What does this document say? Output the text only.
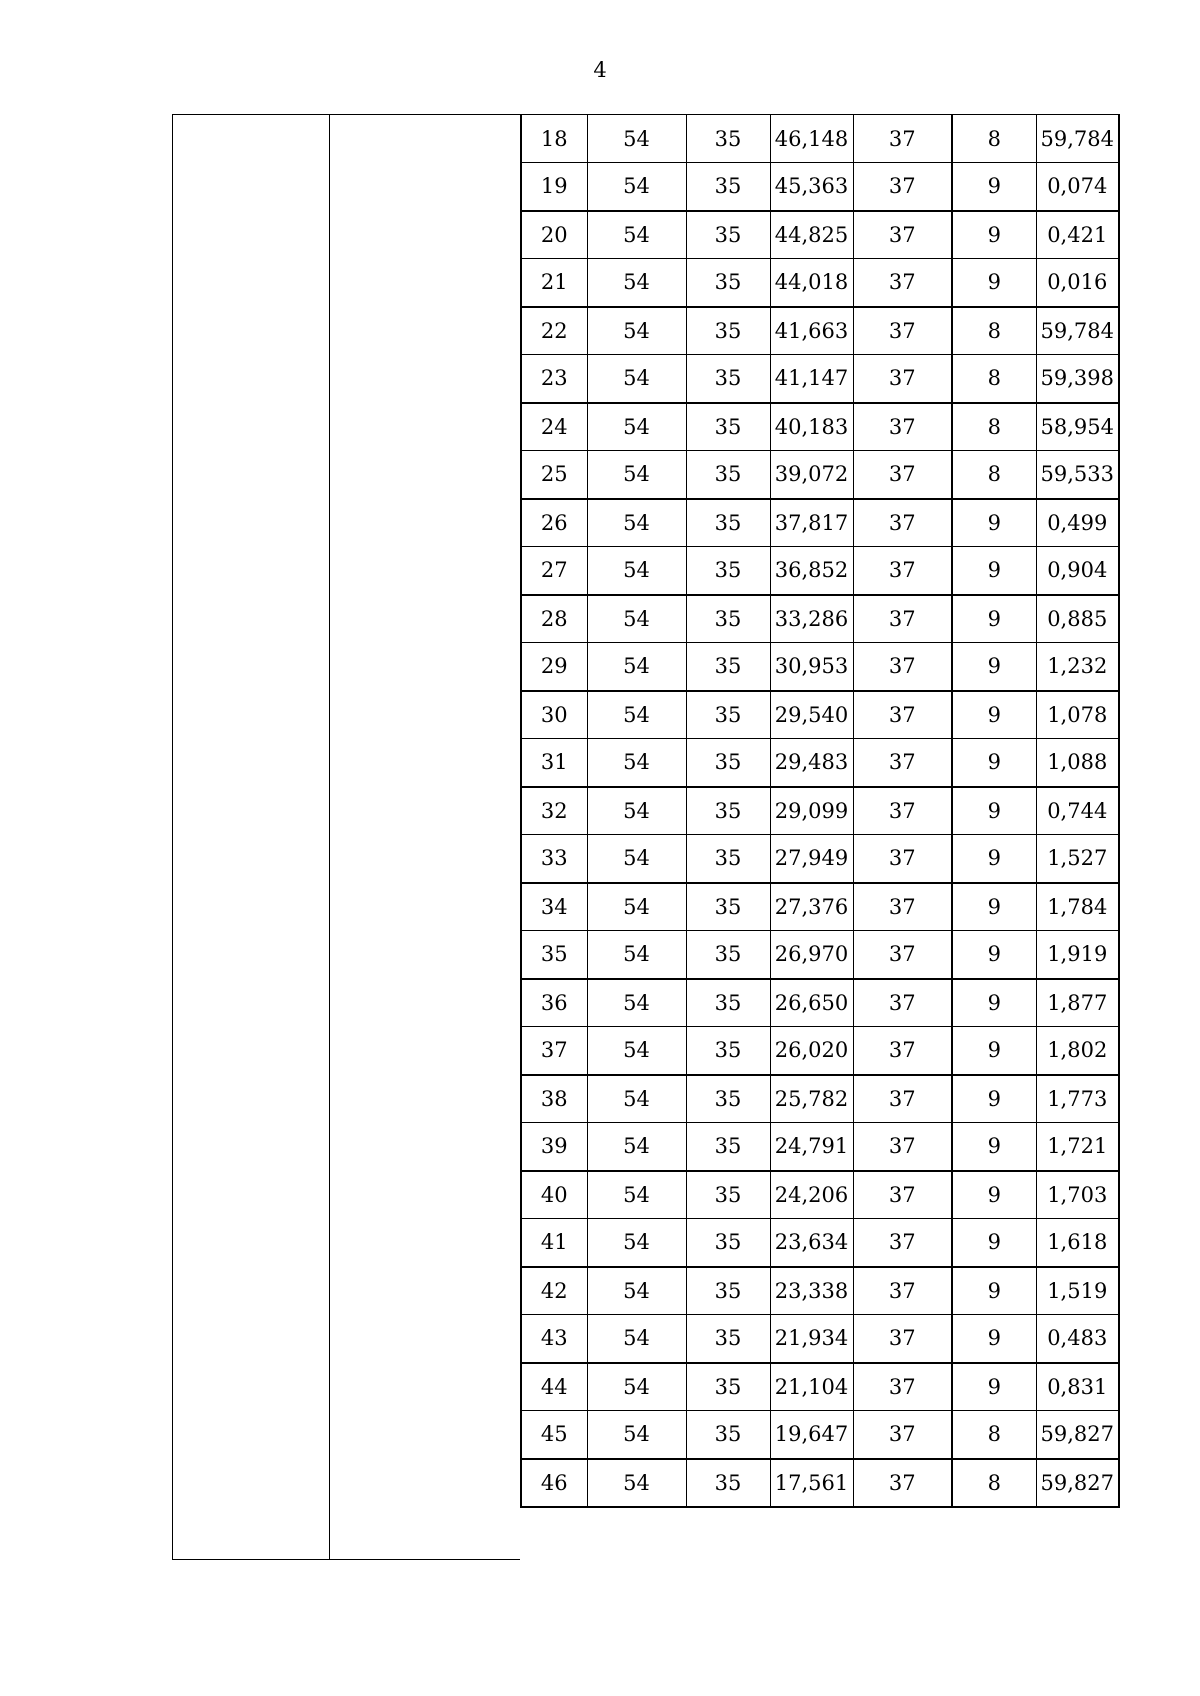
4
18	54	35	46,148	37	8	59,784
19	54	35	45,363	37	9	0,074
20	54	35	44,825	37	9	0,421
21	54	35	44,018	37	9	0,016
22	54	35	41,663	37	8	59,784
23	54	35	41,147	37	8	59,398
24	54	35	40,183	37	8	58,954
25	54	35	39,072	37	8	59,533
26	54	35	37,817	37	9	0,499
27	54	35	36,852	37	9	0,904
28	54	35	33,286	37	9	0,885
29	54	35	30,953	37	9	1,232
30	54	35	29,540	37	9	1,078
31	54	35	29,483	37	9	1,088
32	54	35	29,099	37	9	0,744
33	54	35	27,949	37	9	1,527
34	54	35	27,376	37	9	1,784
35	54	35	26,970	37	9	1,919
36	54	35	26,650	37	9	1,877
37	54	35	26,020	37	9	1,802
38	54	35	25,782	37	9	1,773
39	54	35	24,791	37	9	1,721
40	54	35	24,206	37	9	1,703
41	54	35	23,634	37	9	1,618
42	54	35	23,338	37	9	1,519
43	54	35	21,934	37	9	0,483
44	54	35	21,104	37	9	0,831
45	54	35	19,647	37	8	59,827
46	54	35	17,561	37	8	59,827
